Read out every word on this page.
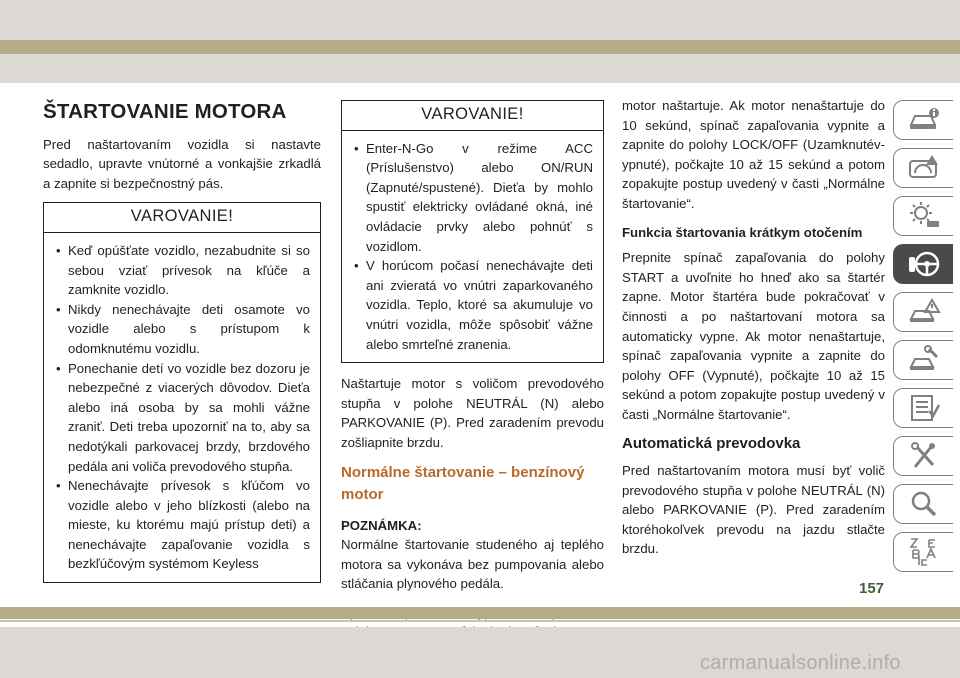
ŠTARTOVANIE MOTORA

Pred naštartovaním vozidla si nastavte sedadlo, upravte vnútorné a vonkajšie zrkadlá a zapnite si bezpečnostný pás.

VAROVANIE!
• Keď opúšťate vozidlo, nezabudnite si so sebou vziať prívesok na kľúče a zamknite vozidlo.
• Nikdy nenechávajte deti osamote vo vozidle alebo s prístupom k odomknutému vozidlu.
• Ponechanie detí vo vozidle bez dozoru je nebezpečné z viacerých dôvodov. Dieťa alebo iná osoba by sa mohli vážne zraniť. Deti treba upozorniť na to, aby sa nedotýkali parkovacej brzdy, brzdového pedála ani voliča prevodového stupňa.
• Nenechávajte prívesok s kľúčom vo vozidle alebo v jeho blízkosti (alebo na mieste, ku ktorému majú prístup deti) a nenechávajte zapaľovanie vozidla s bezkľúčovým systémom Keyless
VAROVANIE!
• Enter-N-Go v režime ACC (Príslušenstvo) alebo ON/RUN (Zapnuté/spustené). Dieťa by mohlo spustiť elektricky ovládané okná, iné ovládacie prvky alebo pohnúť s vozidlom.
• V horúcom počasí nenechávajte deti ani zvieratá vo vnútri zaparkovaného vozidla. Teplo, ktoré sa akumuluje vo vnútri vozidla, môže spôsobiť vážne alebo smrteľné zranenia.

Naštartuje motor s voličom prevodového stupňa v polohe NEUTRÁL (N) alebo PARKOVANIE (P). Pred zaradením prevodu zošliapnite brzdu.

Normálne štartovanie – benzínový motor
POZNÁMKA:

Normálne štartovanie studeného aj teplého motora sa vykonáva bez pumpovania alebo stláčania plynového pedála.

motor naštartuje. Ak motor nenaštartuje do 10 sekúnd, spínač zapaľovania vypnite a zapnite do polohy LOCK/OFF (Uzamknutév-ypnuté), počkajte 10 až 15 sekúnd a potom zopakujte postup uvedený v časti „Normálne štartovanie“.

Funkcia štartovania krátkym otočením

Prepnite spínač zapaľovania do polohy START a uvoľnite ho hneď ako sa štartér zapne. Motor štartéra bude pokračovať v činnosti a po naštartovaní motora sa automaticky vypne. Ak motor nenaštartuje, spínač zapaľovania vypnite a zapnite do polohy OFF (Vypnuté), počkajte 10 až 15 sekúnd a potom zopakujte postup uvedený v časti „Normálne štartovanie“.

Automatická prevodovka

Pred naštartovaním motora musí byť volič prevodového stupňa v polohe NEUTRÁL (N) alebo PARKOVANIE (P). Pred zaradením ktoréhokoľvek prevodu na jazdu stlačte brzdu.

157
carmanualsonline.info
